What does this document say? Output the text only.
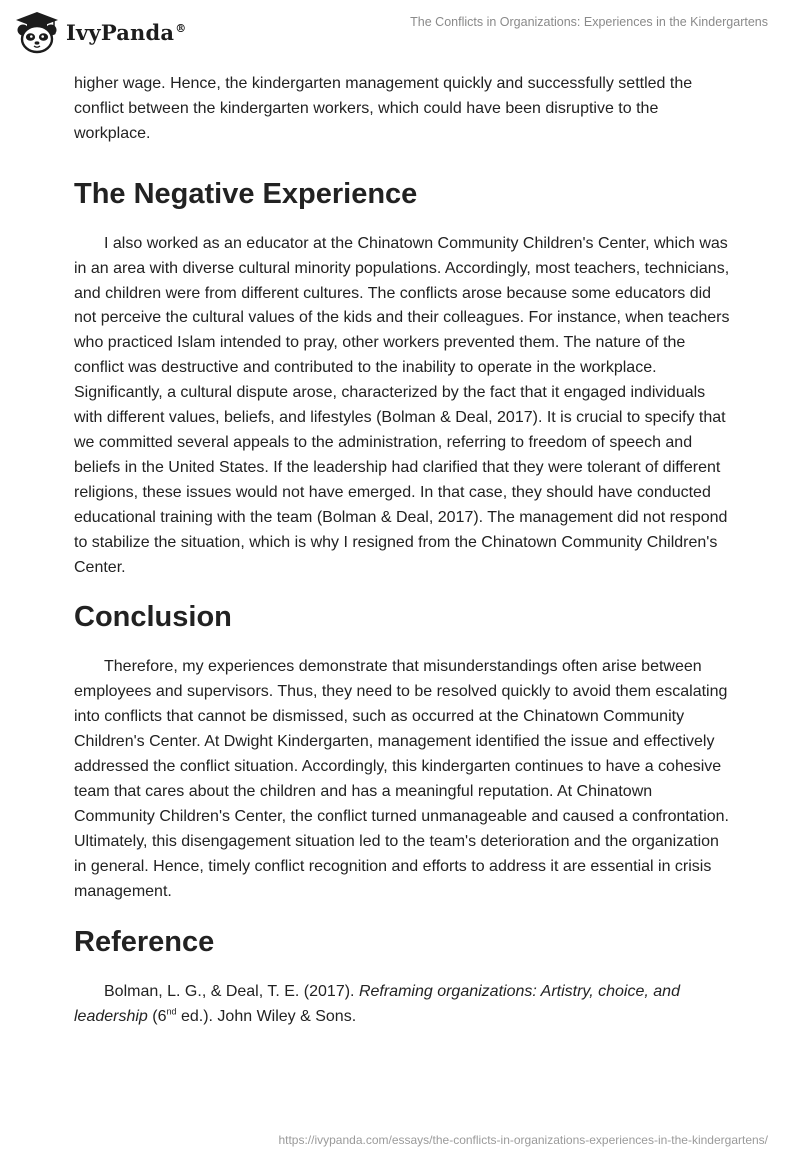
IvyPanda®	The Conflicts in Organizations: Experiences in the Kindergartens

higher wage. Hence, the kindergarten management quickly and successfully settled the conflict between the kindergarten workers, which could have been disruptive to the workplace.

The Negative Experience

I also worked as an educator at the Chinatown Community Children's Center, which was in an area with diverse cultural minority populations. Accordingly, most teachers, technicians, and children were from different cultures. The conflicts arose because some educators did not perceive the cultural values of the kids and their colleagues. For instance, when teachers who practiced Islam intended to pray, other workers prevented them. The nature of the conflict was destructive and contributed to the inability to operate in the workplace. Significantly, a cultural dispute arose, characterized by the fact that it engaged individuals with different values, beliefs, and lifestyles (Bolman & Deal, 2017). It is crucial to specify that we committed several appeals to the administration, referring to freedom of speech and beliefs in the United States. If the leadership had clarified that they were tolerant of different religions, these issues would not have emerged. In that case, they should have conducted educational training with the team (Bolman & Deal, 2017). The management did not respond to stabilize the situation, which is why I resigned from the Chinatown Community Children's Center.

Conclusion

Therefore, my experiences demonstrate that misunderstandings often arise between employees and supervisors. Thus, they need to be resolved quickly to avoid them escalating into conflicts that cannot be dismissed, such as occurred at the Chinatown Community Children's Center. At Dwight Kindergarten, management identified the issue and effectively addressed the conflict situation. Accordingly, this kindergarten continues to have a cohesive team that cares about the children and has a meaningful reputation. At Chinatown Community Children's Center, the conflict turned unmanageable and caused a confrontation. Ultimately, this disengagement situation led to the team's deterioration and the organization in general. Hence, timely conflict recognition and efforts to address it are essential in crisis management.

Reference

Bolman, L. G., & Deal, T. E. (2017). Reframing organizations: Artistry, choice, and leadership (6nd ed.). John Wiley & Sons.

https://ivypanda.com/essays/the-conflicts-in-organizations-experiences-in-the-kindergartens/
